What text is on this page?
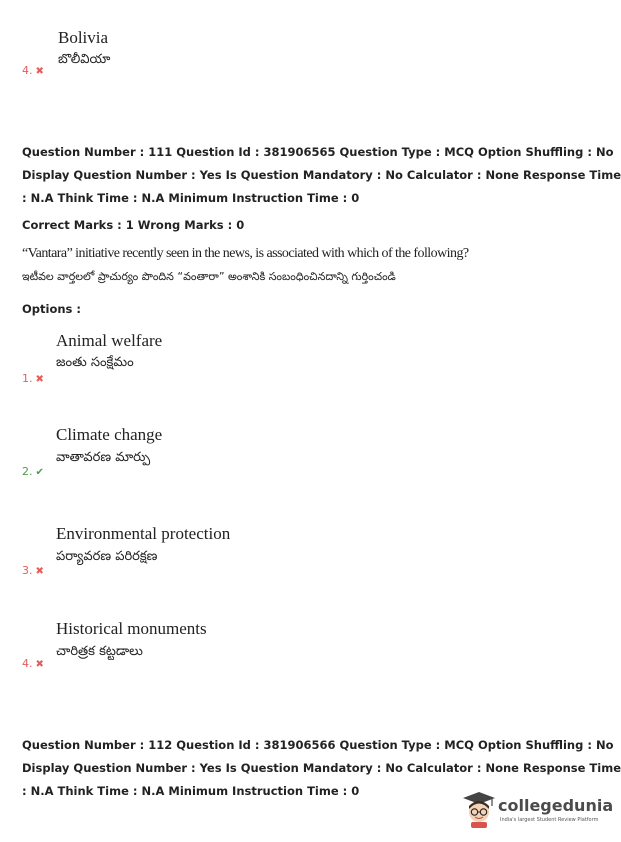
Bolivia
బొలీవియా
4. ✖
Question Number : 111 Question Id : 381906565 Question Type : MCQ Option Shuffling : No
Display Question Number : Yes Is Question Mandatory : No Calculator : None Response Time
: N.A Think Time : N.A Minimum Instruction Time : 0
Correct Marks : 1 Wrong Marks : 0
“Vantara” initiative recently seen in the news, is associated with which of the following?
ఇటీవల వార్తలలో ప్రాచుర్యం పొందిన “వంతారా” అంశానికి సంబంధించినదాన్ని గుర్తించండి
Options :
Animal welfare
జంతు సంక్షేమం
1. ✖
Climate change
వాతావరణ మార్పు
2. ✔
Environmental protection
పర్యావరణ పరిరక్షణ
3. ✖
Historical monuments
చారిత్రక కట్టడాలు
4. ✖
Question Number : 112 Question Id : 381906566 Question Type : MCQ Option Shuffling : No
Display Question Number : Yes Is Question Mandatory : No Calculator : None Response Time
: N.A Think Time : N.A Minimum Instruction Time : 0
collegedunia
India's largest Student Review Platform
